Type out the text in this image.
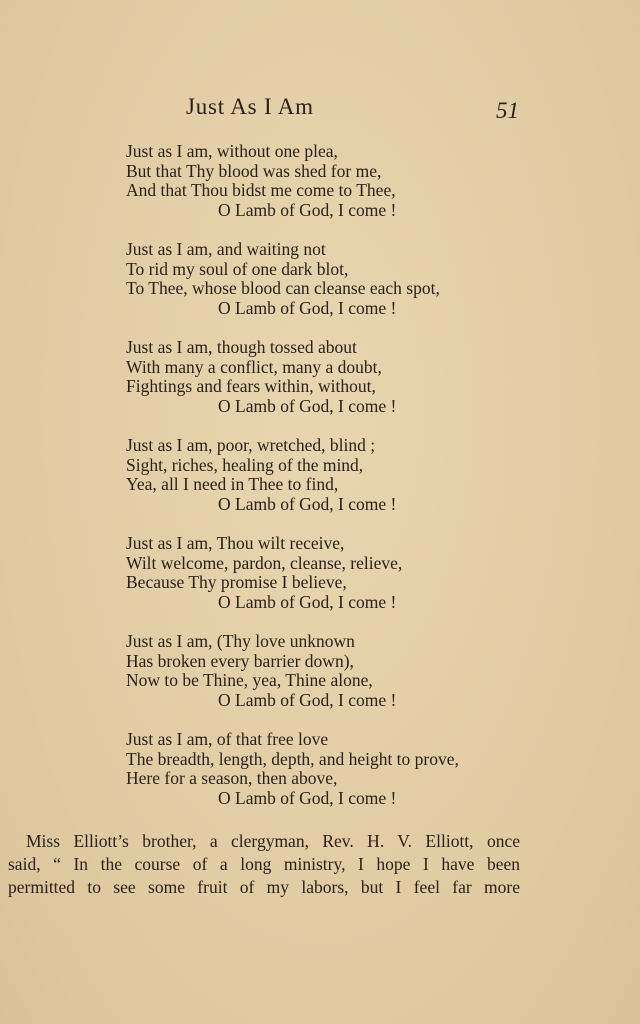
Just As I Am	51
Just as I am, without one plea,
But that Thy blood was shed for me,
And that Thou bidst me come to Thee,
O Lamb of God, I come !
Just as I am, and waiting not
To rid my soul of one dark blot,
To Thee, whose blood can cleanse each spot,
O Lamb of God, I come !
Just as I am, though tossed about
With many a conflict, many a doubt,
Fightings and fears within, without,
O Lamb of God, I come !
Just as I am, poor, wretched, blind ;
Sight, riches, healing of the mind,
Yea, all I need in Thee to find,
O Lamb of God, I come !
Just as I am, Thou wilt receive,
Wilt welcome, pardon, cleanse, relieve,
Because Thy promise I believe,
O Lamb of God, I come !
Just as I am, (Thy love unknown
Has broken every barrier down),
Now to be Thine, yea, Thine alone,
O Lamb of God, I come !
Just as I am, of that free love
The breadth, length, depth, and height to prove,
Here for a season, then above,
O Lamb of God, I come !
Miss Elliott’s brother, a clergyman, Rev. H. V. Elliott, once
said, “ In the course of a long ministry, I hope I have been
permitted to see some fruit of my labors, but I feel far more
